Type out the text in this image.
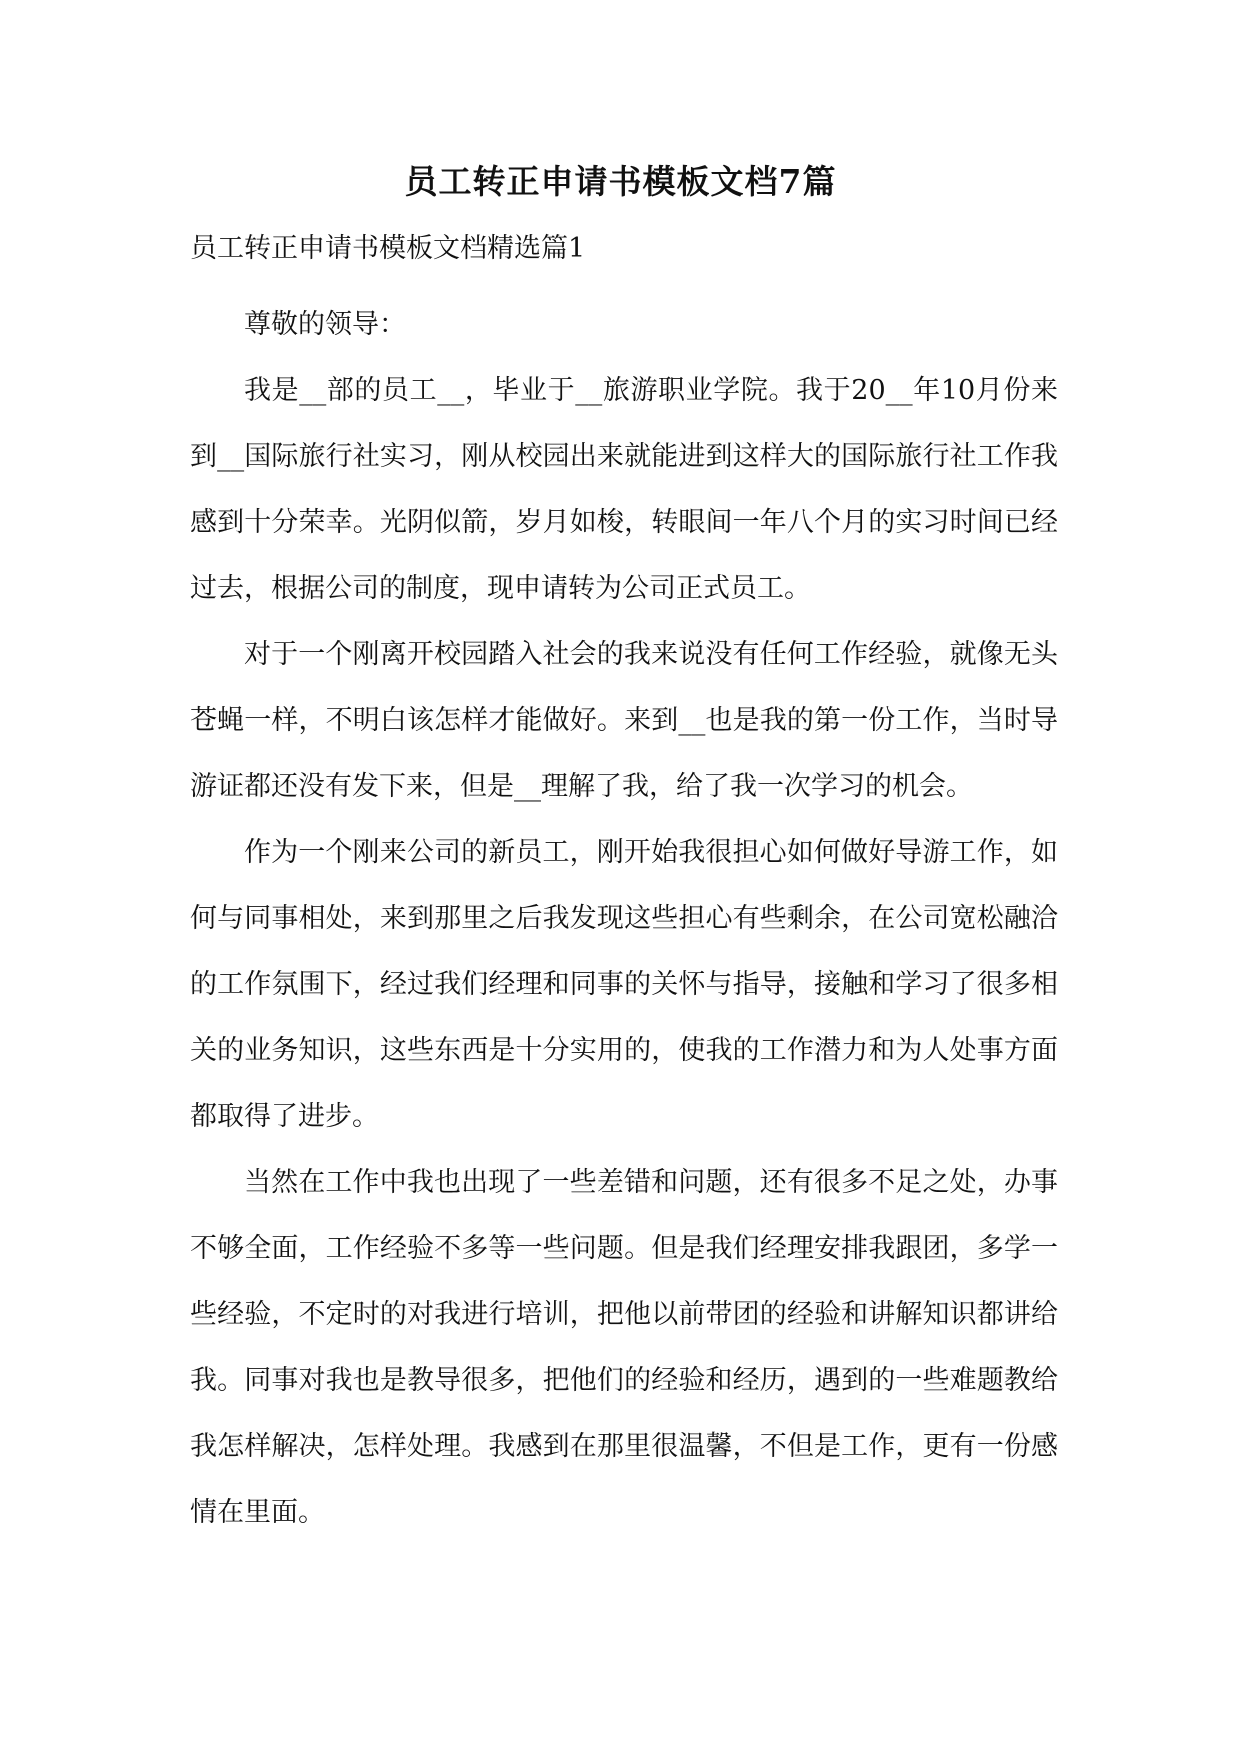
员工转正申请书模板文档7篇
员工转正申请书模板文档精选篇1

尊敬的领导：

我是__部的员工__，毕业于__旅游职业学院。我于20__年10月份来到__国际旅行社实习，刚从校园出来就能进到这样大的国际旅行社工作我感到十分荣幸。光阴似箭，岁月如梭，转眼间一年八个月的实习时间已经过去，根据公司的制度，现申请转为公司正式员工。

对于一个刚离开校园踏入社会的我来说没有任何工作经验，就像无头苍蝇一样，不明白该怎样才能做好。来到__也是我的第一份工作，当时导游证都还没有发下来，但是__理解了我，给了我一次学习的机会。

作为一个刚来公司的新员工，刚开始我很担心如何做好导游工作，如何与同事相处，来到那里之后我发现这些担心有些剩余，在公司宽松融洽的工作氛围下，经过我们经理和同事的关怀与指导，接触和学习了很多相关的业务知识，这些东西是十分实用的，使我的工作潜力和为人处事方面都取得了进步。

当然在工作中我也出现了一些差错和问题，还有很多不足之处，办事不够全面，工作经验不多等一些问题。但是我们经理安排我跟团，多学一些经验，不定时的对我进行培训，把他以前带团的经验和讲解知识都讲给我。同事对我也是教导很多，把他们的经验和经历，遇到的一些难题教给我怎样解决，怎样处理。我感到在那里很温馨，不但是工作，更有一份感情在里面。
